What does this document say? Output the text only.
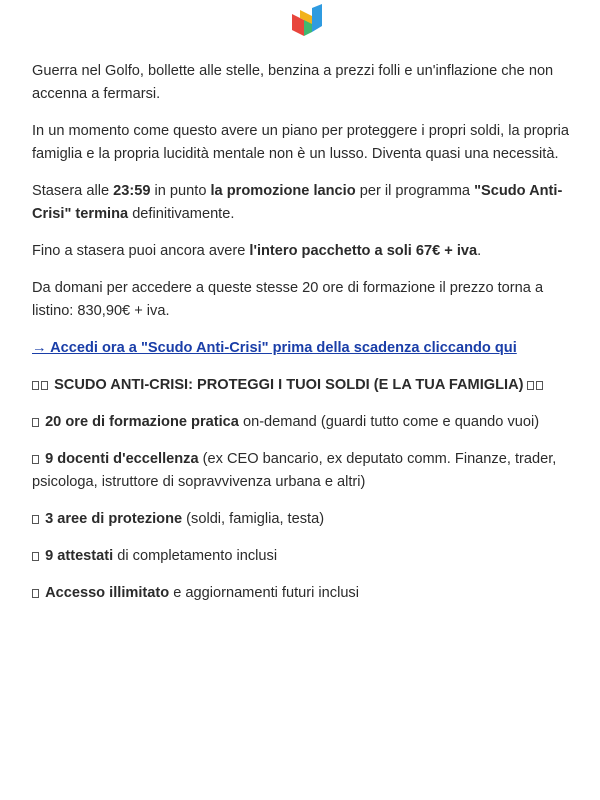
Guerra nel Golfo, bollette alle stelle, benzina a prezzi folli e un'inflazione che non accenna a fermarsi.

In un momento come questo avere un piano per proteggere i propri soldi, la propria famiglia e la propria lucidità mentale non è un lusso. Diventa quasi una necessità.

Stasera alle 23:59 in punto la promozione lancio per il programma "Scudo Anti-Crisi" termina definitivamente.

Fino a stasera puoi ancora avere l'intero pacchetto a soli 67€ + iva.

Da domani per accedere a queste stesse 20 ore di formazione il prezzo torna a listino: 830,90€ + iva.

→ Accedi ora a "Scudo Anti-Crisi" prima della scadenza cliccando qui

SCUDO ANTI-CRISI: PROTEGGI I TUOI SOLDI (E LA TUA FAMIGLIA)

20 ore di formazione pratica on-demand (guardi tutto come e quando vuoi)

9 docenti d'eccellenza (ex CEO bancario, ex deputato comm. Finanze, trader, psicologa, istruttore di sopravvivenza urbana e altri)

3 aree di protezione (soldi, famiglia, testa)

9 attestati di completamento inclusi

Accesso illimitato e aggiornamenti futuri inclusi
